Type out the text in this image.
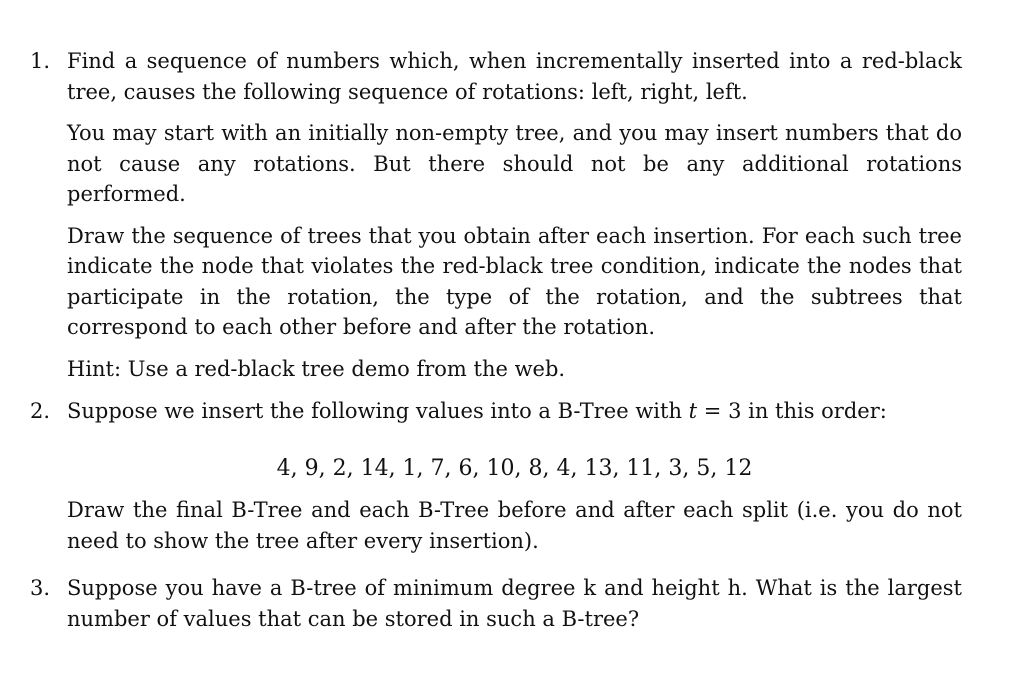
1. Find a sequence of numbers which, when incrementally inserted into a red-black tree, causes the following sequence of rotations: left, right, left.

You may start with an initially non-empty tree, and you may insert numbers that do not cause any rotations. But there should not be any additional rotations performed.

Draw the sequence of trees that you obtain after each insertion. For each such tree indicate the node that violates the red-black tree condition, indicate the nodes that participate in the rotation, the type of the rotation, and the subtrees that correspond to each other before and after the rotation.

Hint: Use a red-black tree demo from the web.

2. Suppose we insert the following values into a B-Tree with t = 3 in this order:

4, 9, 2, 14, 1, 7, 6, 10, 8, 4, 13, 11, 3, 5, 12

Draw the final B-Tree and each B-Tree before and after each split (i.e. you do not need to show the tree after every insertion).

3. Suppose you have a B-tree of minimum degree k and height h. What is the largest number of values that can be stored in such a B-tree?
